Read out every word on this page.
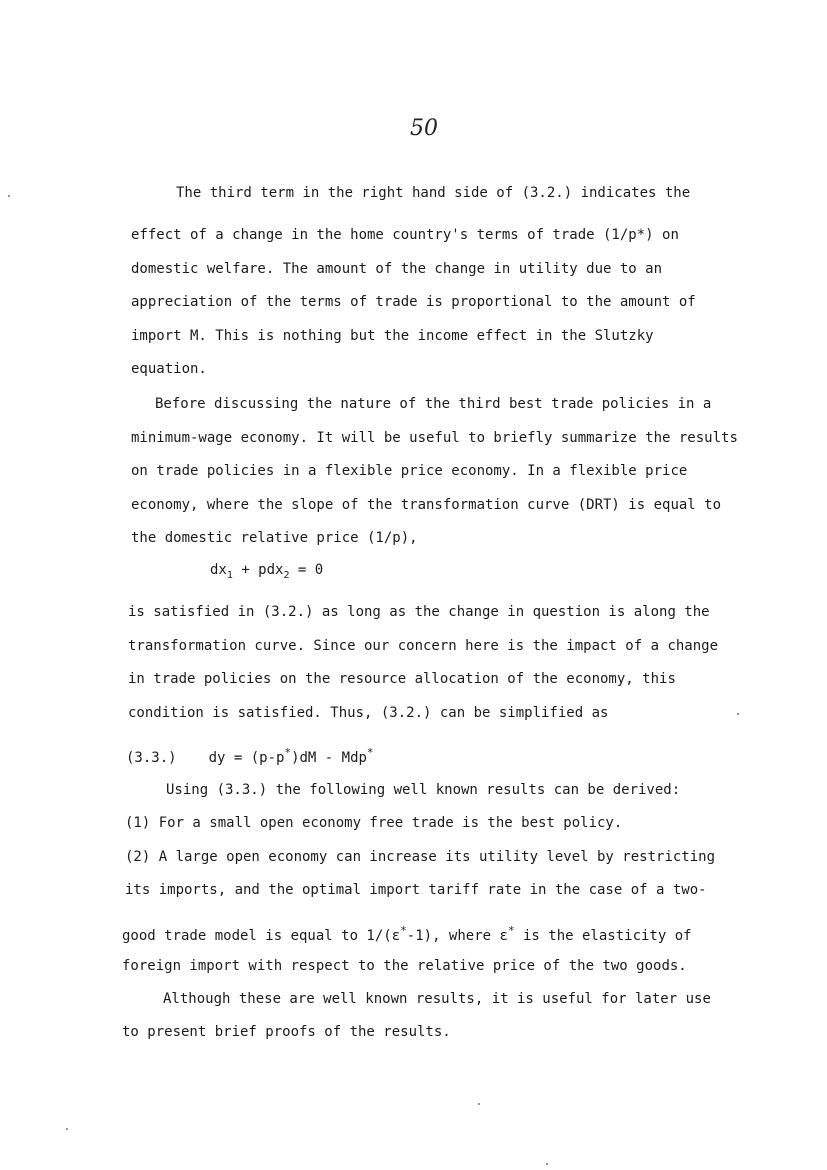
50
The third term in the right hand side of (3.2.) indicates the
effect of a change in the home country's terms of trade (1/p*) on
domestic welfare. The amount of the change in utility due to an
appreciation of the terms of trade is proportional to the amount of
import M. This is nothing but the income effect in the Slutzky
equation.
Before discussing the nature of the third best trade policies in a
minimum-wage economy. It will be useful to briefly summarize the results
on trade policies in a flexible price economy. In a flexible price
economy, where the slope of the transformation curve (DRT) is equal to
the domestic relative price (1/p),
$dx_1 + pdx_2 = 0$
is satisfied in (3.2.) as long as the change in question is along the
transformation curve. Since our concern here is the impact of a change
in trade policies on the resource allocation of the economy, this
condition is satisfied. Thus, (3.2.) can be simplified as
(3.3.) dy = (p-p*)dM - Mdp*
Using (3.3.) the following well known results can be derived:
(1) For a small open economy free trade is the best policy.
(2) A large open economy can increase its utility level by restricting
its imports, and the optimal import tariff rate in the case of a two-
good trade model is equal to 1/(ε*-1), where ε* is the elasticity of
foreign import with respect to the relative price of the two goods.
Although these are well known results, it is useful for later use
to present brief proofs of the results.
